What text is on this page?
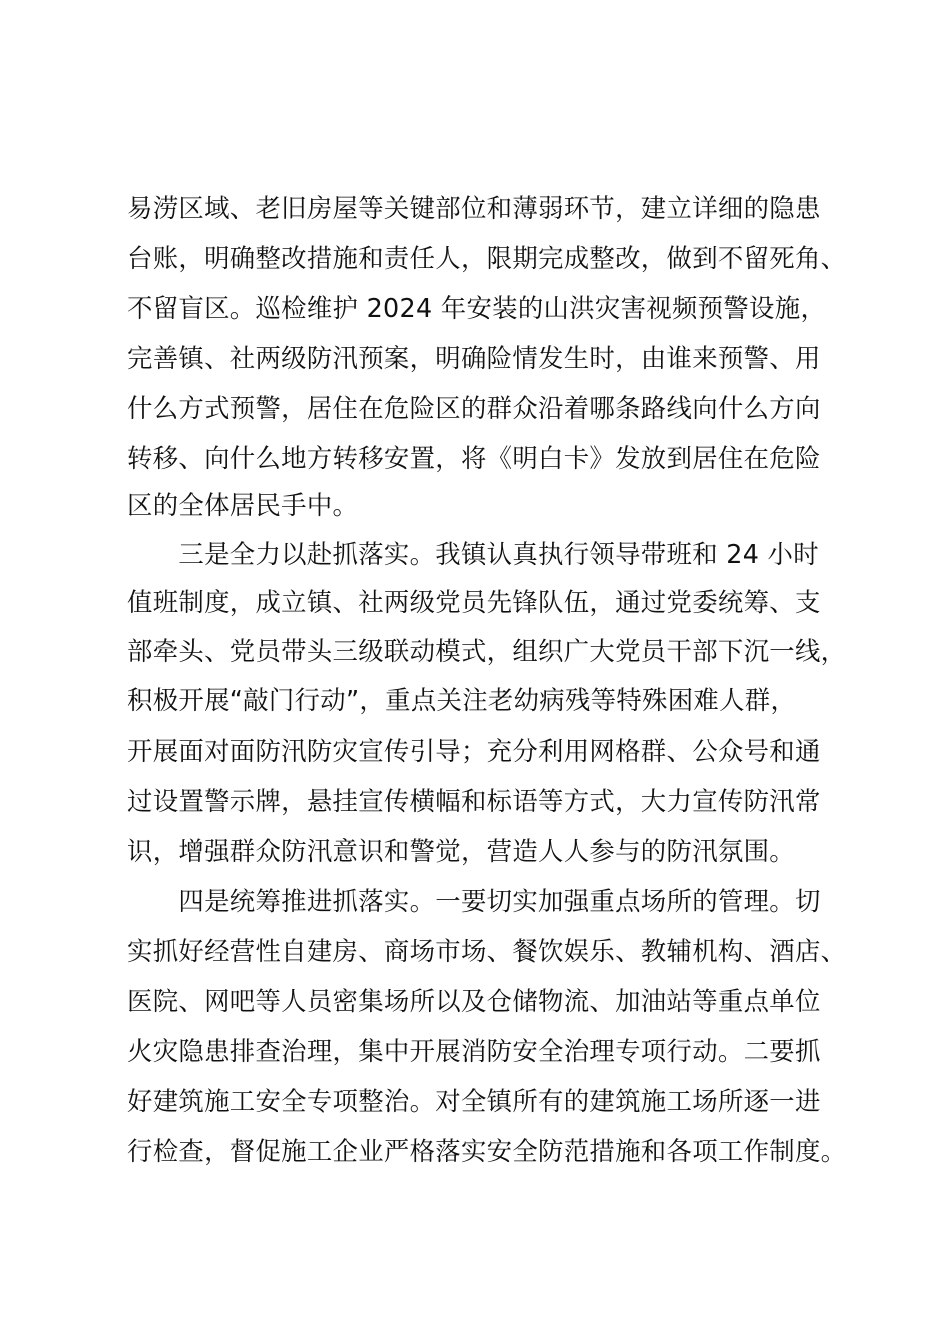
易涝区域、老旧房屋等关键部位和薄弱环节，建立详细的隐患
台账，明确整改措施和责任人，限期完成整改，做到不留死角、
不留盲区。巡检维护 2024 年安装的山洪灾害视频预警设施，
完善镇、社两级防汛预案，明确险情发生时，由谁来预警、用
什么方式预警，居住在危险区的群众沿着哪条路线向什么方向
转移、向什么地方转移安置，将《明白卡》发放到居住在危险
区的全体居民手中。
　　三是全力以赴抓落实。我镇认真执行领导带班和 24 小时
值班制度，成立镇、社两级党员先锋队伍，通过党委统筹、支
部牵头、党员带头三级联动模式，组织广大党员干部下沉一线，
积极开展“敲门行动”，重点关注老幼病残等特殊困难人群，
开展面对面防汛防灾宣传引导；充分利用网格群、公众号和通
过设置警示牌，悬挂宣传横幅和标语等方式，大力宣传防汛常
识，增强群众防汛意识和警觉，营造人人参与的防汛氛围。
　　四是统筹推进抓落实。一要切实加强重点场所的管理。切
实抓好经营性自建房、商场市场、餐饮娱乐、教辅机构、酒店、
医院、网吧等人员密集场所以及仓储物流、加油站等重点单位
火灾隐患排查治理，集中开展消防安全治理专项行动。二要抓
好建筑施工安全专项整治。对全镇所有的建筑施工场所逐一进
行检查，督促施工企业严格落实安全防范措施和各项工作制度。
